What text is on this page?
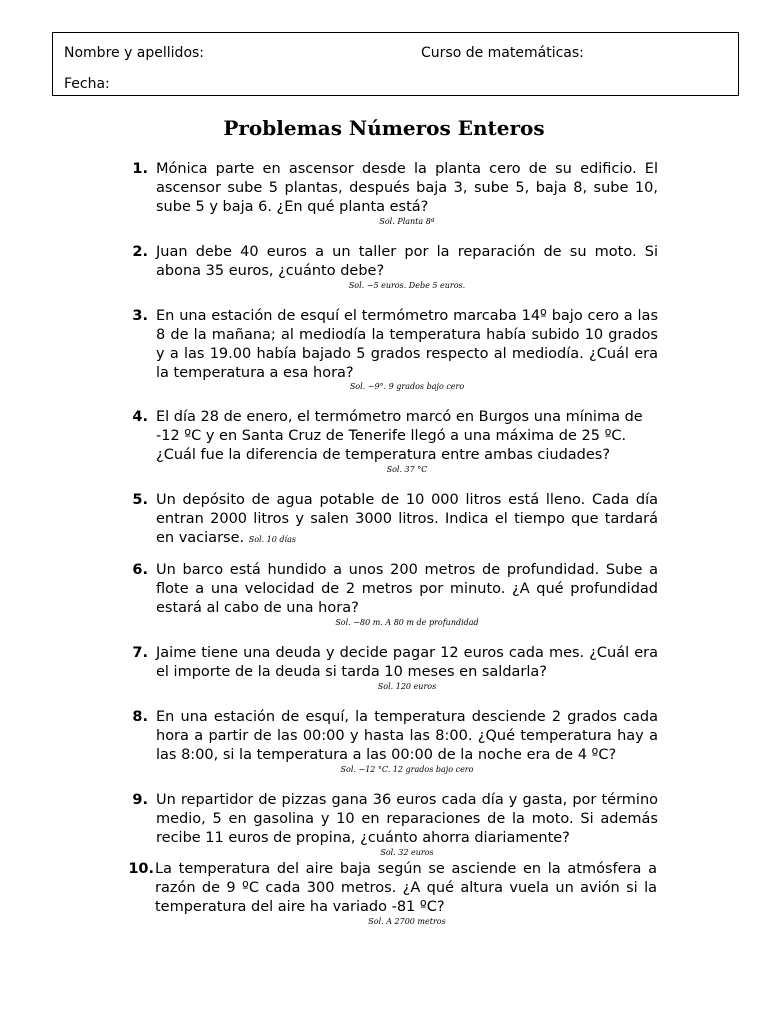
Nombre y apellidos:	Curso de matemáticas:
Fecha:
Problemas Números Enteros
1. Mónica parte en ascensor desde la planta cero de su edificio. El ascensor sube 5 plantas, después baja 3, sube 5, baja 8, sube 10, sube 5 y baja 6. ¿En qué planta está?

Sol. Planta 8ª

2. Juan debe 40 euros a un taller por la reparación de su moto. Si abona 35 euros, ¿cuánto debe?

Sol. −5 euros. Debe 5 euros.

3. En una estación de esquí el termómetro marcaba 14º bajo cero a las 8 de la mañana; al mediodía la temperatura había subido 10 grados y a las 19.00 había bajado 5 grados respecto al mediodía. ¿Cuál era la temperatura a esa hora?

Sol. −9°. 9 grados bajo cero

4. El día 28 de enero, el termómetro marcó en Burgos una mínima de -12 ºC y en Santa Cruz de Tenerife llegó a una máxima de 25 ºC. ¿Cuál fue la diferencia de temperatura entre ambas ciudades?

Sol. 37 °C

5. Un depósito de agua potable de 10 000 litros está lleno. Cada día entran 2000 litros y salen 3000 litros. Indica el tiempo que tardará en vaciarse. Sol. 10 días

6. Un barco está hundido a unos 200 metros de profundidad. Sube a flote a una velocidad de 2 metros por minuto. ¿A qué profundidad estará al cabo de una hora?

Sol. −80 m. A 80 m de profundidad

7. Jaime tiene una deuda y decide pagar 12 euros cada mes. ¿Cuál era el importe de la deuda si tarda 10 meses en saldarla?

Sol. 120 euros

8. En una estación de esquí, la temperatura desciende 2 grados cada hora a partir de las 00:00 y hasta las 8:00. ¿Qué temperatura hay a las 8:00, si la temperatura a las 00:00 de la noche era de 4 ºC?

Sol. −12 °C. 12 grados bajo cero

9. Un repartidor de pizzas gana 36 euros cada día y gasta, por término medio, 5 en gasolina y 10 en reparaciones de la moto. Si además recibe 11 euros de propina, ¿cuánto ahorra diariamente?

Sol. 32 euros

10. La temperatura del aire baja según se asciende en la atmósfera a razón de 9 ºC cada 300 metros. ¿A qué altura vuela un avión si la temperatura del aire ha variado -81 ºC?

Sol. A 2700 metros
